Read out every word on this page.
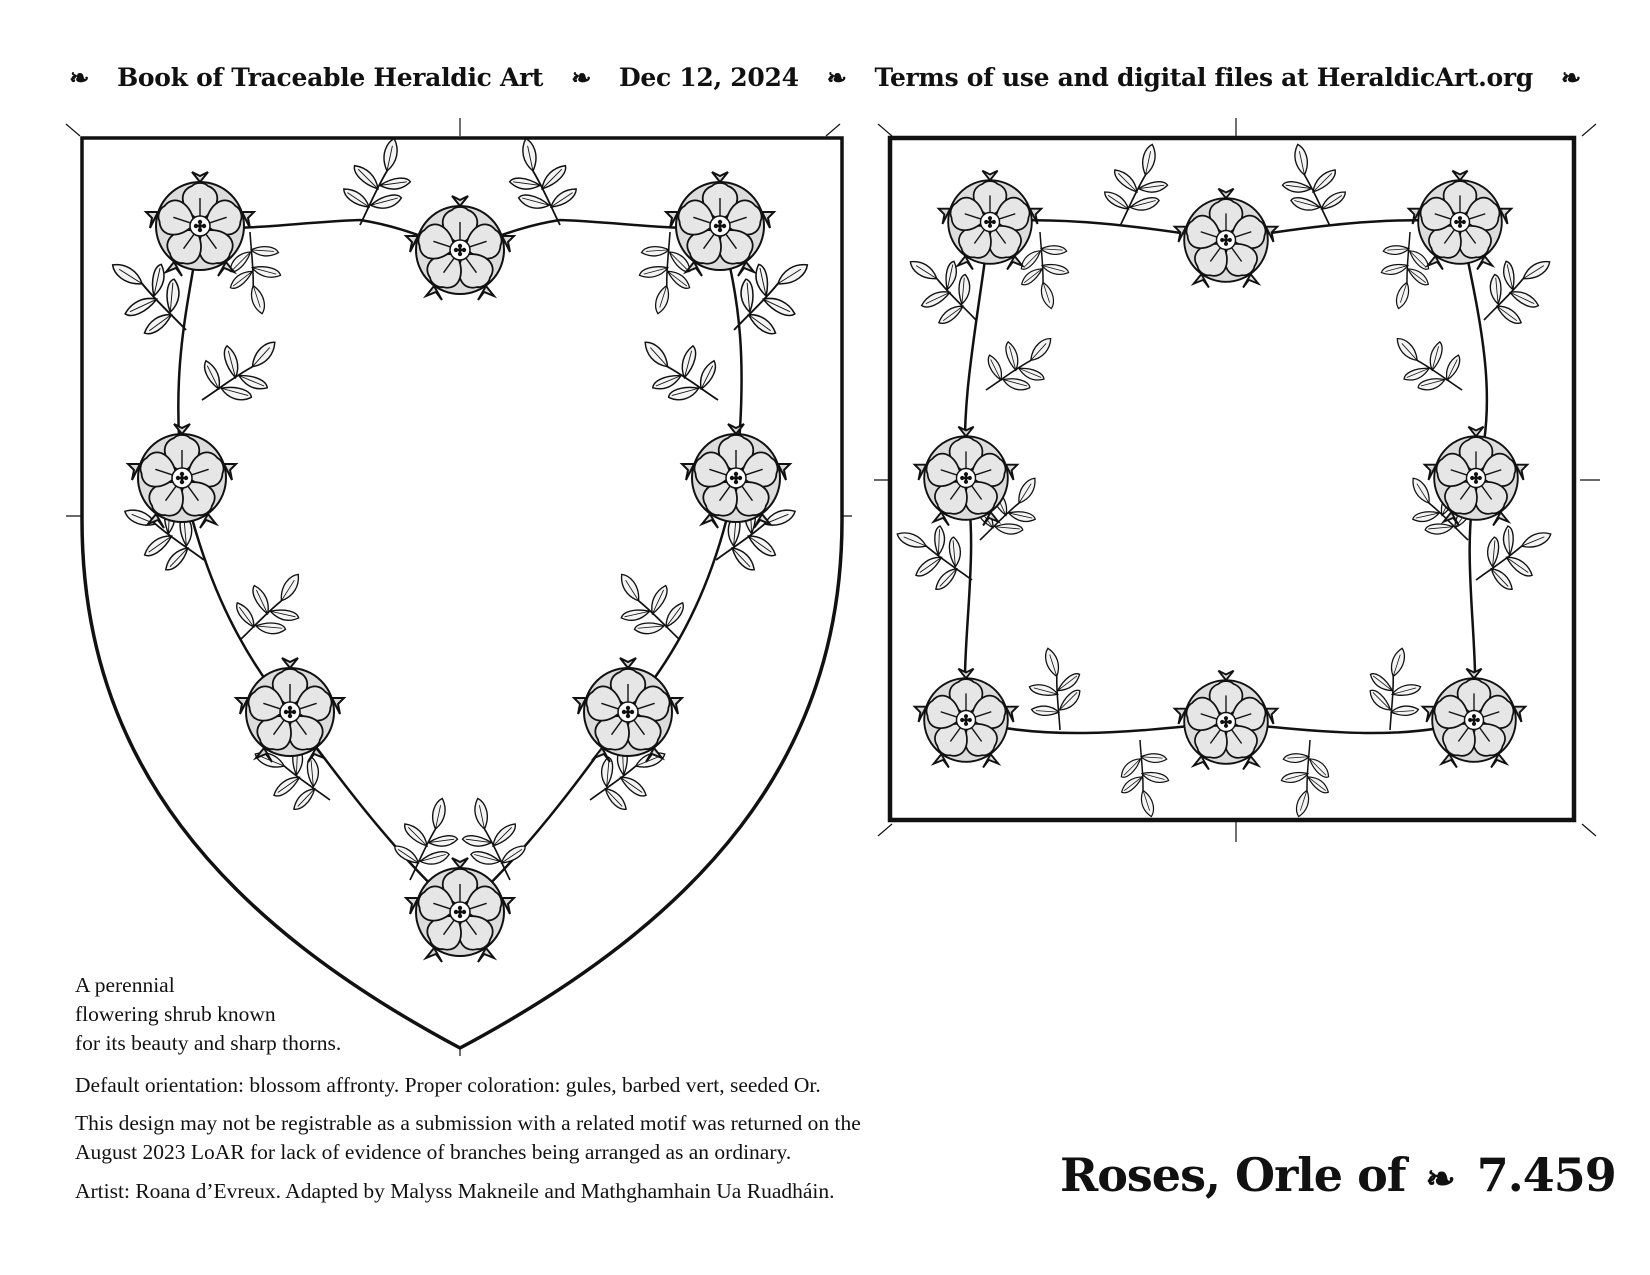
❧ Book of Traceable Heraldic Art ❧ Dec 12, 2024 ❧ Terms of use and digital files at HeraldicArt.org ❧
A perennial
flowering shrub known
for its beauty and sharp thorns.
Default orientation: blossom affronty. Proper coloration: gules, barbed vert, seeded Or.
This design may not be registrable as a submission with a related motif was returned on the
August 2023 LoAR for lack of evidence of branches being arranged as an ordinary.
Artist: Roana d’Evreux. Adapted by Malyss Makneile and Mathghamhain Ua Ruadháin.	Roses, Orle of ❧ 7.459
